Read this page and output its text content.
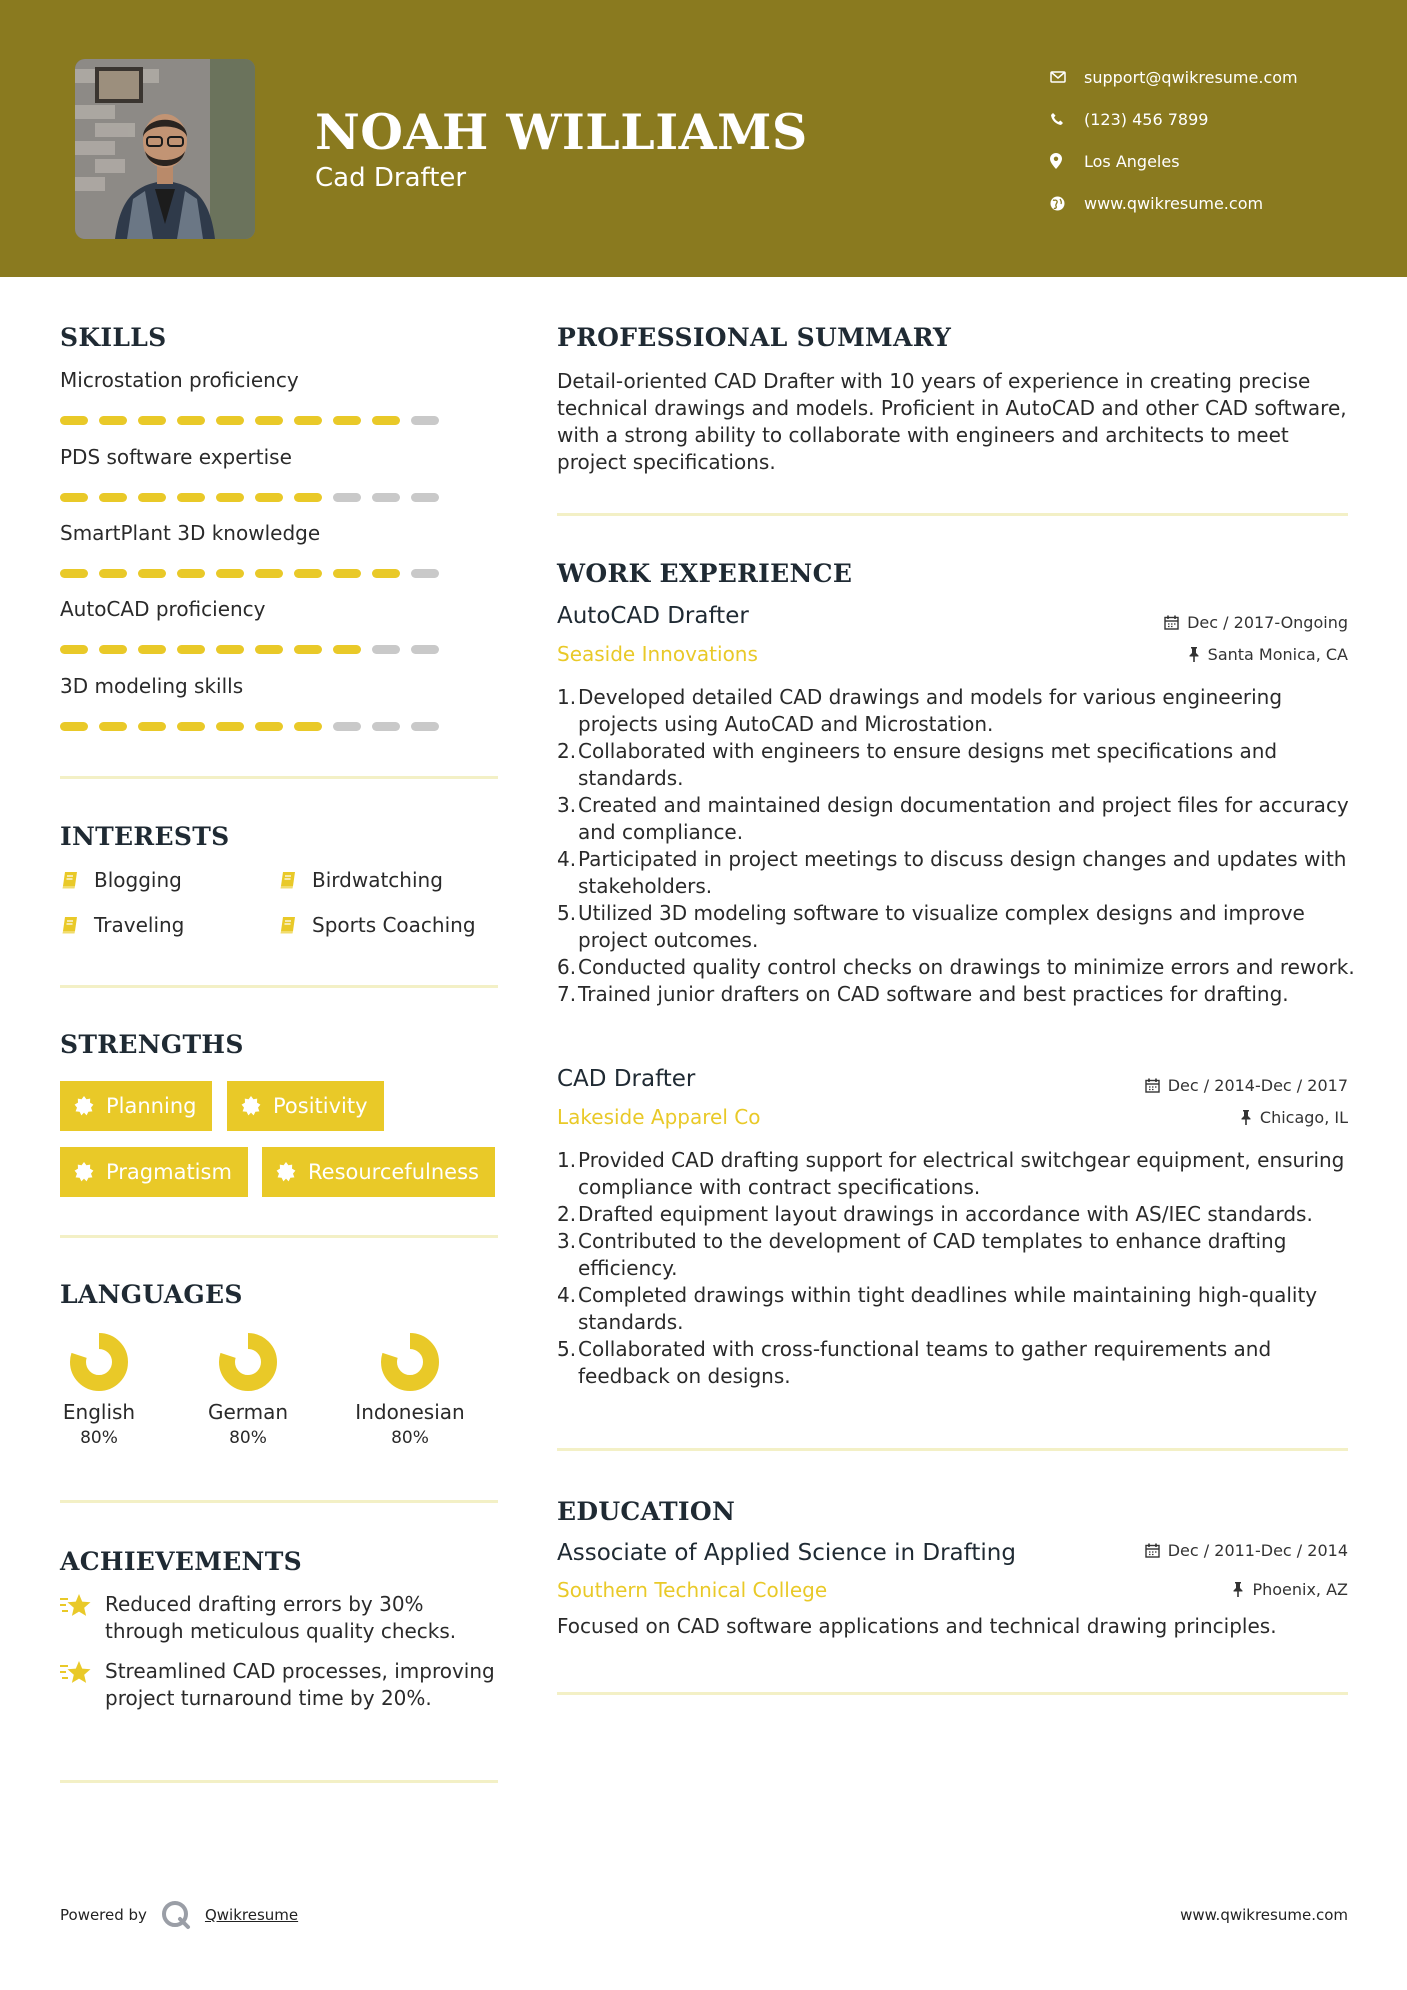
NOAH WILLIAMS
Cad Drafter
support@qwikresume.com
(123) 456 7899
Los Angeles
www.qwikresume.com
SKILLS
Microstation proficiency
PDS software expertise
SmartPlant 3D knowledge
AutoCAD proficiency
3D modeling skills
INTERESTS
Blogging	Birdwatching
Traveling	Sports Coaching
STRENGTHS
Planning	Positivity
Pragmatism	Resourcefulness
LANGUAGES
English
80%
German
80%
Indonesian
80%
ACHIEVEMENTS
Reduced drafting errors by 30% through meticulous quality checks.
Streamlined CAD processes, improving project turnaround time by 20%.
PROFESSIONAL SUMMARY
Detail-oriented CAD Drafter with 10 years of experience in creating precise technical drawings and models. Proficient in AutoCAD and other CAD software, with a strong ability to collaborate with engineers and architects to meet project specifications.
WORK EXPERIENCE
AutoCAD Drafter	Dec / 2017-Ongoing
Seaside Innovations	Santa Monica, CA
1. Developed detailed CAD drawings and models for various engineering projects using AutoCAD and Microstation.
2. Collaborated with engineers to ensure designs met specifications and standards.
3. Created and maintained design documentation and project files for accuracy and compliance.
4. Participated in project meetings to discuss design changes and updates with stakeholders.
5. Utilized 3D modeling software to visualize complex designs and improve project outcomes.
6. Conducted quality control checks on drawings to minimize errors and rework.
7. Trained junior drafters on CAD software and best practices for drafting.
CAD Drafter	Dec / 2014-Dec / 2017
Lakeside Apparel Co	Chicago, IL
1. Provided CAD drafting support for electrical switchgear equipment, ensuring compliance with contract specifications.
2. Drafted equipment layout drawings in accordance with AS/IEC standards.
3. Contributed to the development of CAD templates to enhance drafting efficiency.
4. Completed drawings within tight deadlines while maintaining high-quality standards.
5. Collaborated with cross-functional teams to gather requirements and feedback on designs.
EDUCATION
Associate of Applied Science in Drafting	Dec / 2011-Dec / 2014
Southern Technical College	Phoenix, AZ
Focused on CAD software applications and technical drawing principles.
Powered by	Qwikresume	www.qwikresume.com
